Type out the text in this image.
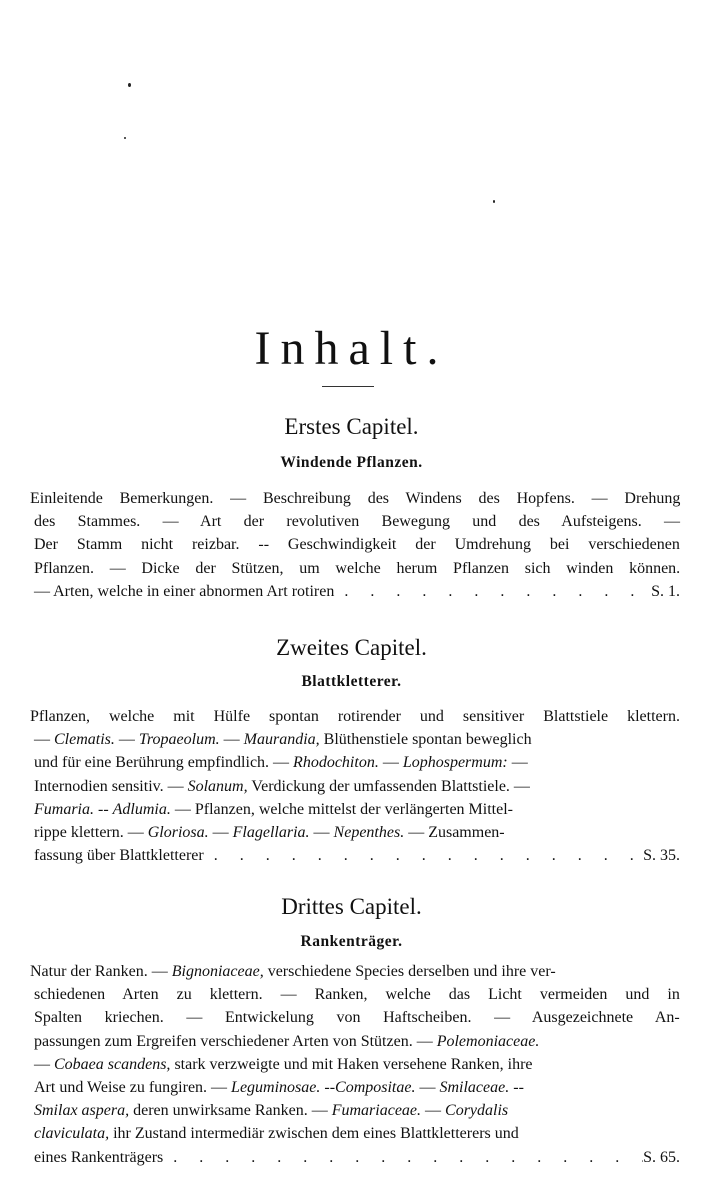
Inhalt.
Erstes Capitel.
Windende Pflanzen.
Einleitende Bemerkungen. — Beschreibung des Windens des Hopfens. — Drehung
des Stammes. — Art der revolutiven Bewegung und des Aufsteigens. —
Der Stamm nicht reizbar. -- Geschwindigkeit der Umdrehung bei verschiedenen
Pflanzen. — Dicke der Stützen, um welche herum Pflanzen sich winden können.
— Arten, welche in einer abnormen Art rotiren . . .	S. 1.
Zweites Capitel.
Blattkletterer.
Pflanzen, welche mit Hülfe spontan rotirender und sensitiver Blattstiele klettern.
— Clematis. — Tropaeolum. — Maurandia, Blüthenstiele spontan beweglich
und für eine Berührung empfindlich. — Rhodochiton. — Lophospermum: —
Internodien sensitiv. — Solanum, Verdickung der umfassenden Blattstiele. —
Fumaria. -- Adlumia. — Pflanzen, welche mittelst der verlängerten Mittel-
rippe klettern. — Gloriosa. — Flagellaria. — Nepenthes. — Zusammen-
fassung über Blattkletterer . . .	S. 35.
Drittes Capitel.
Rankenträger.
Natur der Ranken. — Bignoniaceae, verschiedene Species derselben und ihre ver-
schiedenen Arten zu klettern. — Ranken, welche das Licht vermeiden und in
Spalten kriechen. — Entwickelung von Haftscheiben. — Ausgezeichnete An-
passungen zum Ergreifen verschiedener Arten von Stützen. — Polemoniaceae.
— Cobaea scandens, stark verzweigte und mit Haken versehene Ranken, ihre
Art und Weise zu fungiren. — Leguminosae. --Compositae. — Smilaceae. --
Smilax aspera, deren unwirksame Ranken. — Fumariaceae. — Corydalis
claviculata, ihr Zustand intermediär zwischen dem eines Blattkletterers und
eines Rankenträgers . . .	S. 65.
